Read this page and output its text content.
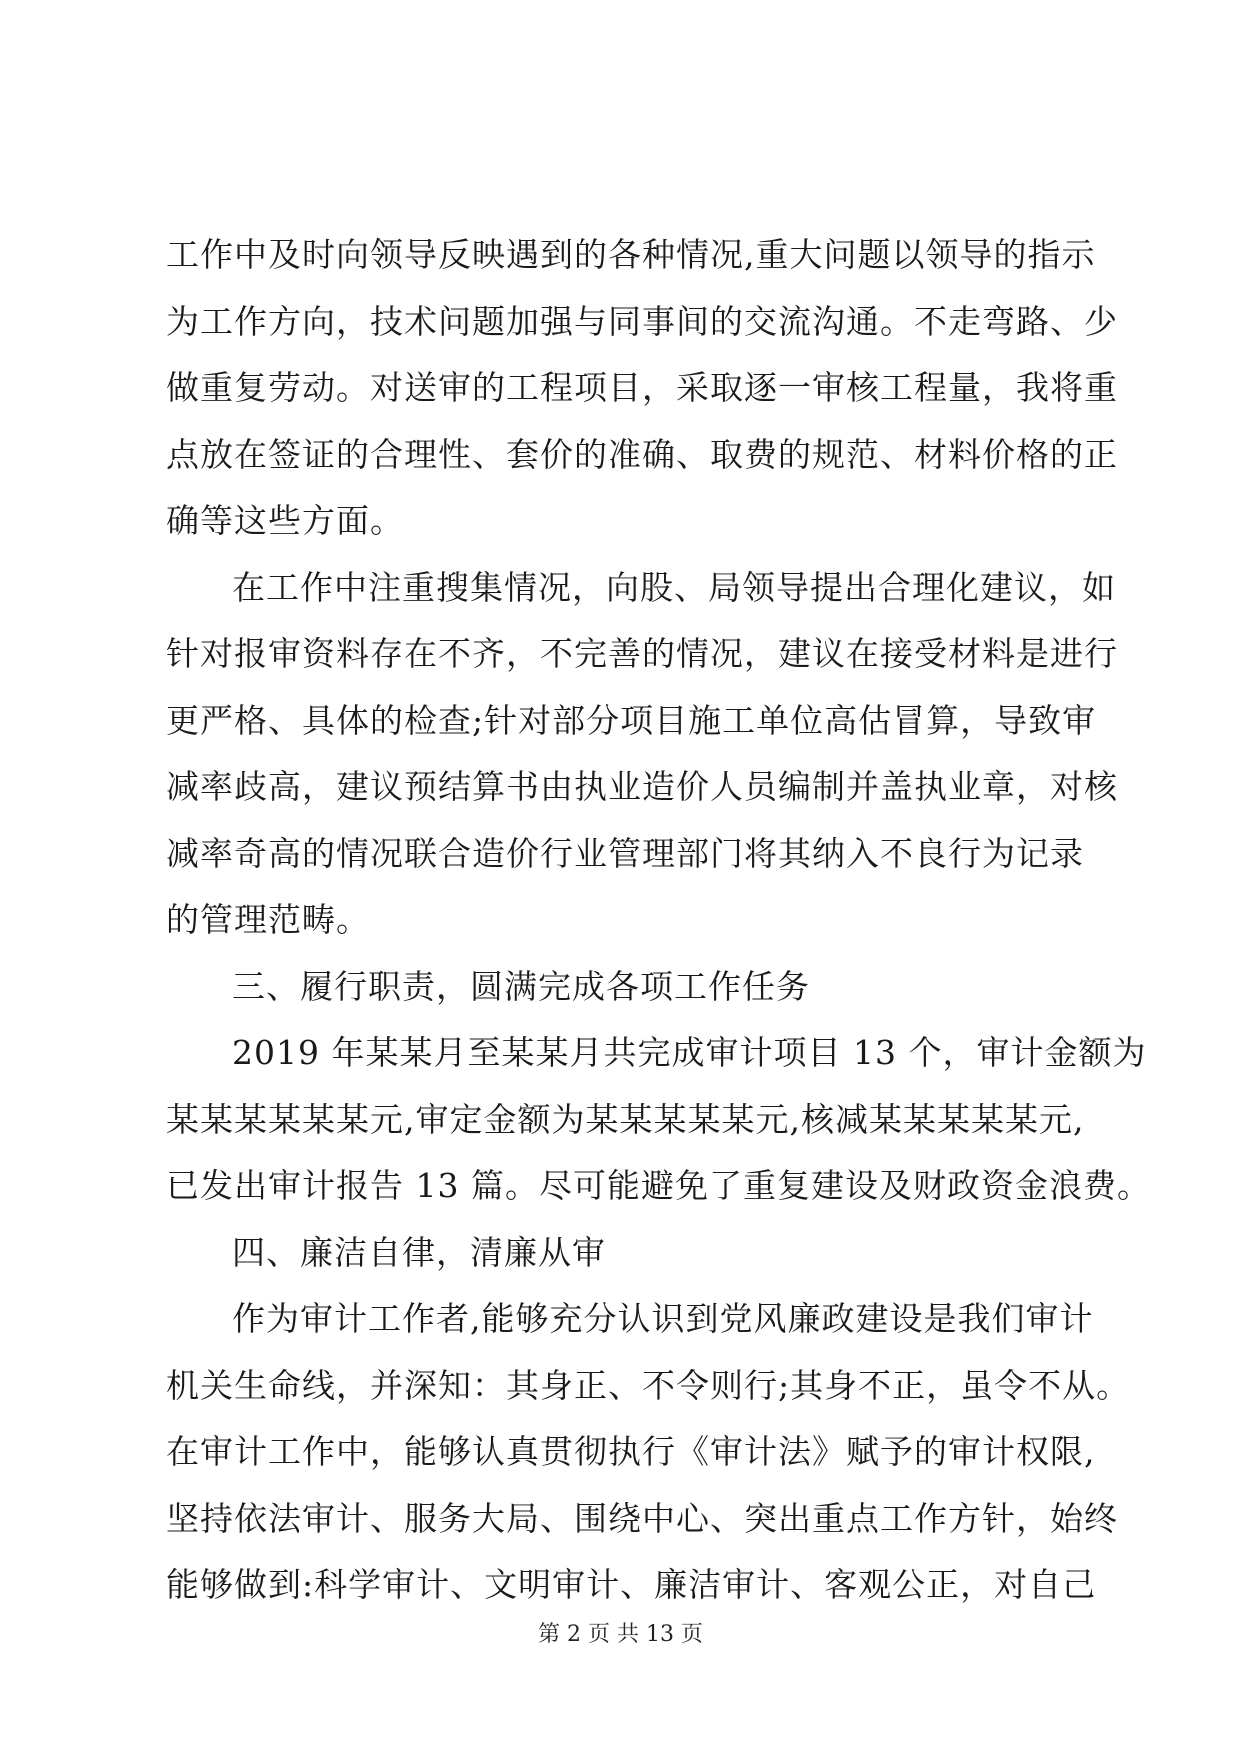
工作中及时向领导反映遇到的各种情况,重大问题以领导的指示
为工作方向，技术问题加强与同事间的交流沟通。不走弯路、少
做重复劳动。对送审的工程项目，采取逐一审核工程量，我将重
点放在签证的合理性、套价的准确、取费的规范、材料价格的正
确等这些方面。
在工作中注重搜集情况，向股、局领导提出合理化建议，如
针对报审资料存在不齐，不完善的情况，建议在接受材料是进行
更严格、具体的检查;针对部分项目施工单位高估冒算，导致审
减率歧高，建议预结算书由执业造价人员编制并盖执业章，对核
减率奇高的情况联合造价行业管理部门将其纳入不良行为记录
的管理范畴。
三、履行职责，圆满完成各项工作任务
2019 年某某月至某某月共完成审计项目 13 个，审计金额为
某某某某某某元,审定金额为某某某某某元,核减某某某某某元,
已发出审计报告 13 篇。尽可能避免了重复建设及财政资金浪费。
四、廉洁自律，清廉从审
作为审计工作者,能够充分认识到党风廉政建设是我们审计
机关生命线，并深知：其身正、不令则行;其身不正，虽令不从。
在审计工作中，能够认真贯彻执行《审计法》赋予的审计权限,
坚持依法审计、服务大局、围绕中心、突出重点工作方针，始终
能够做到:科学审计、文明审计、廉洁审计、客观公正，对自己
第 2 页 共 13 页
